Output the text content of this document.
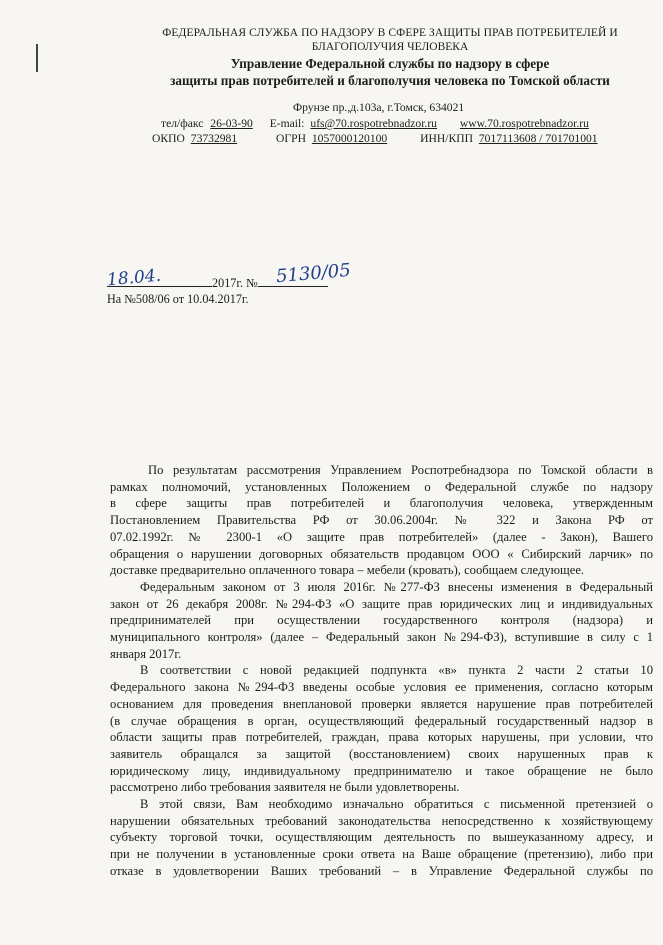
ФЕДЕРАЛЬНАЯ СЛУЖБА ПО НАДЗОРУ В СФЕРЕ ЗАЩИТЫ ПРАВ ПОТРЕБИТЕЛЕЙ И
БЛАГОПОЛУЧИЯ ЧЕЛОВЕКА
Управление Федеральной службы по надзору в сфере
защиты прав потребителей и благополучия человека по Томской области
Фрунзе пр.,д.103а, г.Томск, 634021
тел/факс 26-03-90 E-mail: ufs@70.rospotrebnadzor.ru www.70.rospotrebnadzor.ru
ОКПО 73732981	ОГРН 1057000120100	ИНН/КПП 7017113608 / 701701001
18.04.	2017г. № 5130/05
На №508/06 от 10.04.2017г.
По результатам рассмотрения Управлением Роспотребнадзора по Томской области в
рамках полномочий, установленных Положением о Федеральной службе по надзору
в сфере защиты прав потребителей и благополучия человека, утвержденным
Постановлением Правительства РФ от 30.06.2004г. № 322 и Закона РФ от
07.02.1992г. № 2300-1 «О защите прав потребителей» (далее - Закон), Вашего
обращения о нарушении договорных обязательств продавцом ООО « Сибирский ларчик» по
доставке предварительно оплаченного товара – мебели (кровать), сообщаем следующее.
Федеральным законом от 3 июля 2016г. №277-ФЗ внесены изменения в Федеральный
закон от 26 декабря 2008г. №294-ФЗ «О защите прав юридических лиц и индивидуальных
предпринимателей при осуществлении государственного контроля (надзора) и
муниципального контроля» (далее – Федеральный закон №294-ФЗ), вступившие в силу с 1
января 2017г.
В соответствии с новой редакцией подпункта «в» пункта 2 части 2 статьи 10
Федерального закона №294-ФЗ введены особые условия ее применения, согласно которым
основанием для проведения внеплановой проверки является нарушение прав потребителей
(в случае обращения в орган, осуществляющий федеральный государственный надзор в
области защиты прав потребителей, граждан, права которых нарушены, при условии, что
заявитель обращался за защитой (восстановлением) своих нарушенных прав к
юридическому лицу, индивидуальному предпринимателю и такое обращение не было
рассмотрено либо требования заявителя не были удовлетворены.
В этой связи, Вам необходимо изначально обратиться с письменной претензией о
нарушении обязательных требований законодательства непосредственно к хозяйствующему
субъекту торговой точки, осуществляющим деятельность по вышеуказанному адресу, и
при не получении в установленные сроки ответа на Ваше обращение (претензию), либо при
отказе в удовлетворении Ваших требований – в Управление Федеральной службы по
